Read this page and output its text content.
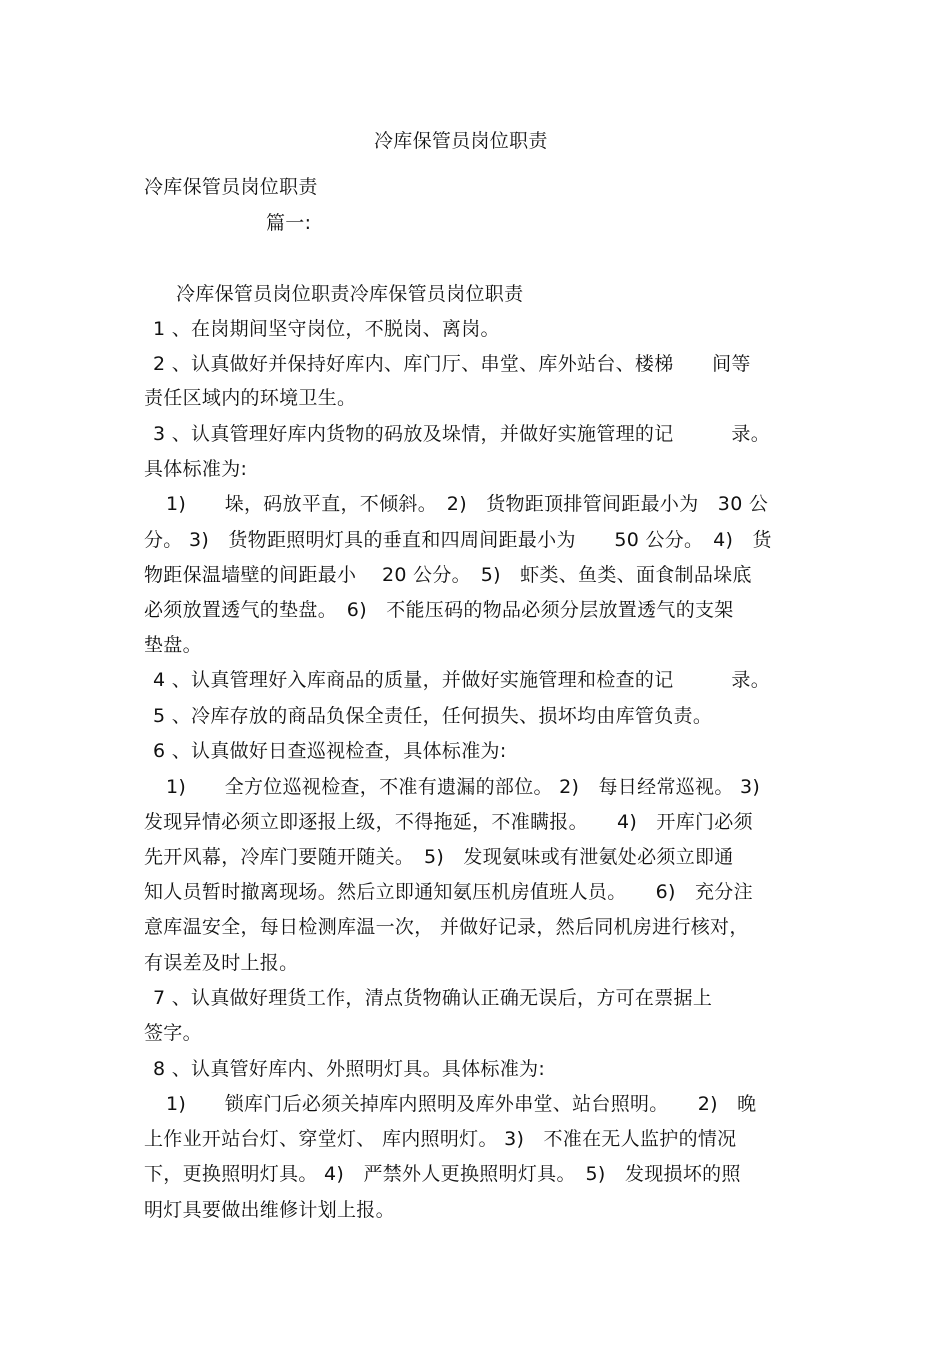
冷库保管员岗位职责

冷库保管员岗位职责

篇一:

冷库保管员岗位职责冷库保管员岗位职责

1 、在岗期间坚守岗位，不脱岗、离岗。

2 、认真做好并保持好库内、库门厅、串堂、库外站台、楼梯　　间等

责任区域内的环境卫生。

3 、认真管理好库内货物的码放及垛情，并做好实施管理的记　　　录。

具体标准为:

1)　　垛，码放平直，不倾斜。　2)　货物距顶排管间距最小为　30 公

分。 3)　货物距照明灯具的垂直和四周间距最小为　　50 公分。　4)　货

物距保温墙壁的间距最小　 20 公分。　5)　虾类、鱼类、面食制品垛底

必须放置透气的垫盘。　6)　不能压码的物品必须分层放置透气的支架

垫盘。

4 、认真管理好入库商品的质量，并做好实施管理和检查的记　　　录。

5 、冷库存放的商品负保全责任，任何损失、损坏均由库管负责。

6 、认真做好日查巡视检查，具体标准为:

1)　　全方位巡视检查，不准有遗漏的部位。 2)　每日经常巡视。 3)

发现异情必须立即逐报上级，不得拖延，不准瞒报。　　4)　开库门必须

先开风幕，冷库门要随开随关。　5)　发现氨味或有泄氨处必须立即通

知人员暂时撤离现场。然后立即通知氨压机房值班人员。　　6)　充分注

意库温安全，每日检测库温一次， 并做好记录，然后同机房进行核对，

有误差及时上报。

7 、认真做好理货工作，清点货物确认正确无误后，方可在票据上

签字。

8 、认真管好库内、外照明灯具。具体标准为:

1)　　锁库门后必须关掉库内照明及库外串堂、站台照明。　　2)　晚

上作业开站台灯、穿堂灯、 库内照明灯。 3)　不准在无人监护的情况

下，更换照明灯具。 4)　严禁外人更换照明灯具。　5)　发现损坏的照

明灯具要做出维修计划上报。
